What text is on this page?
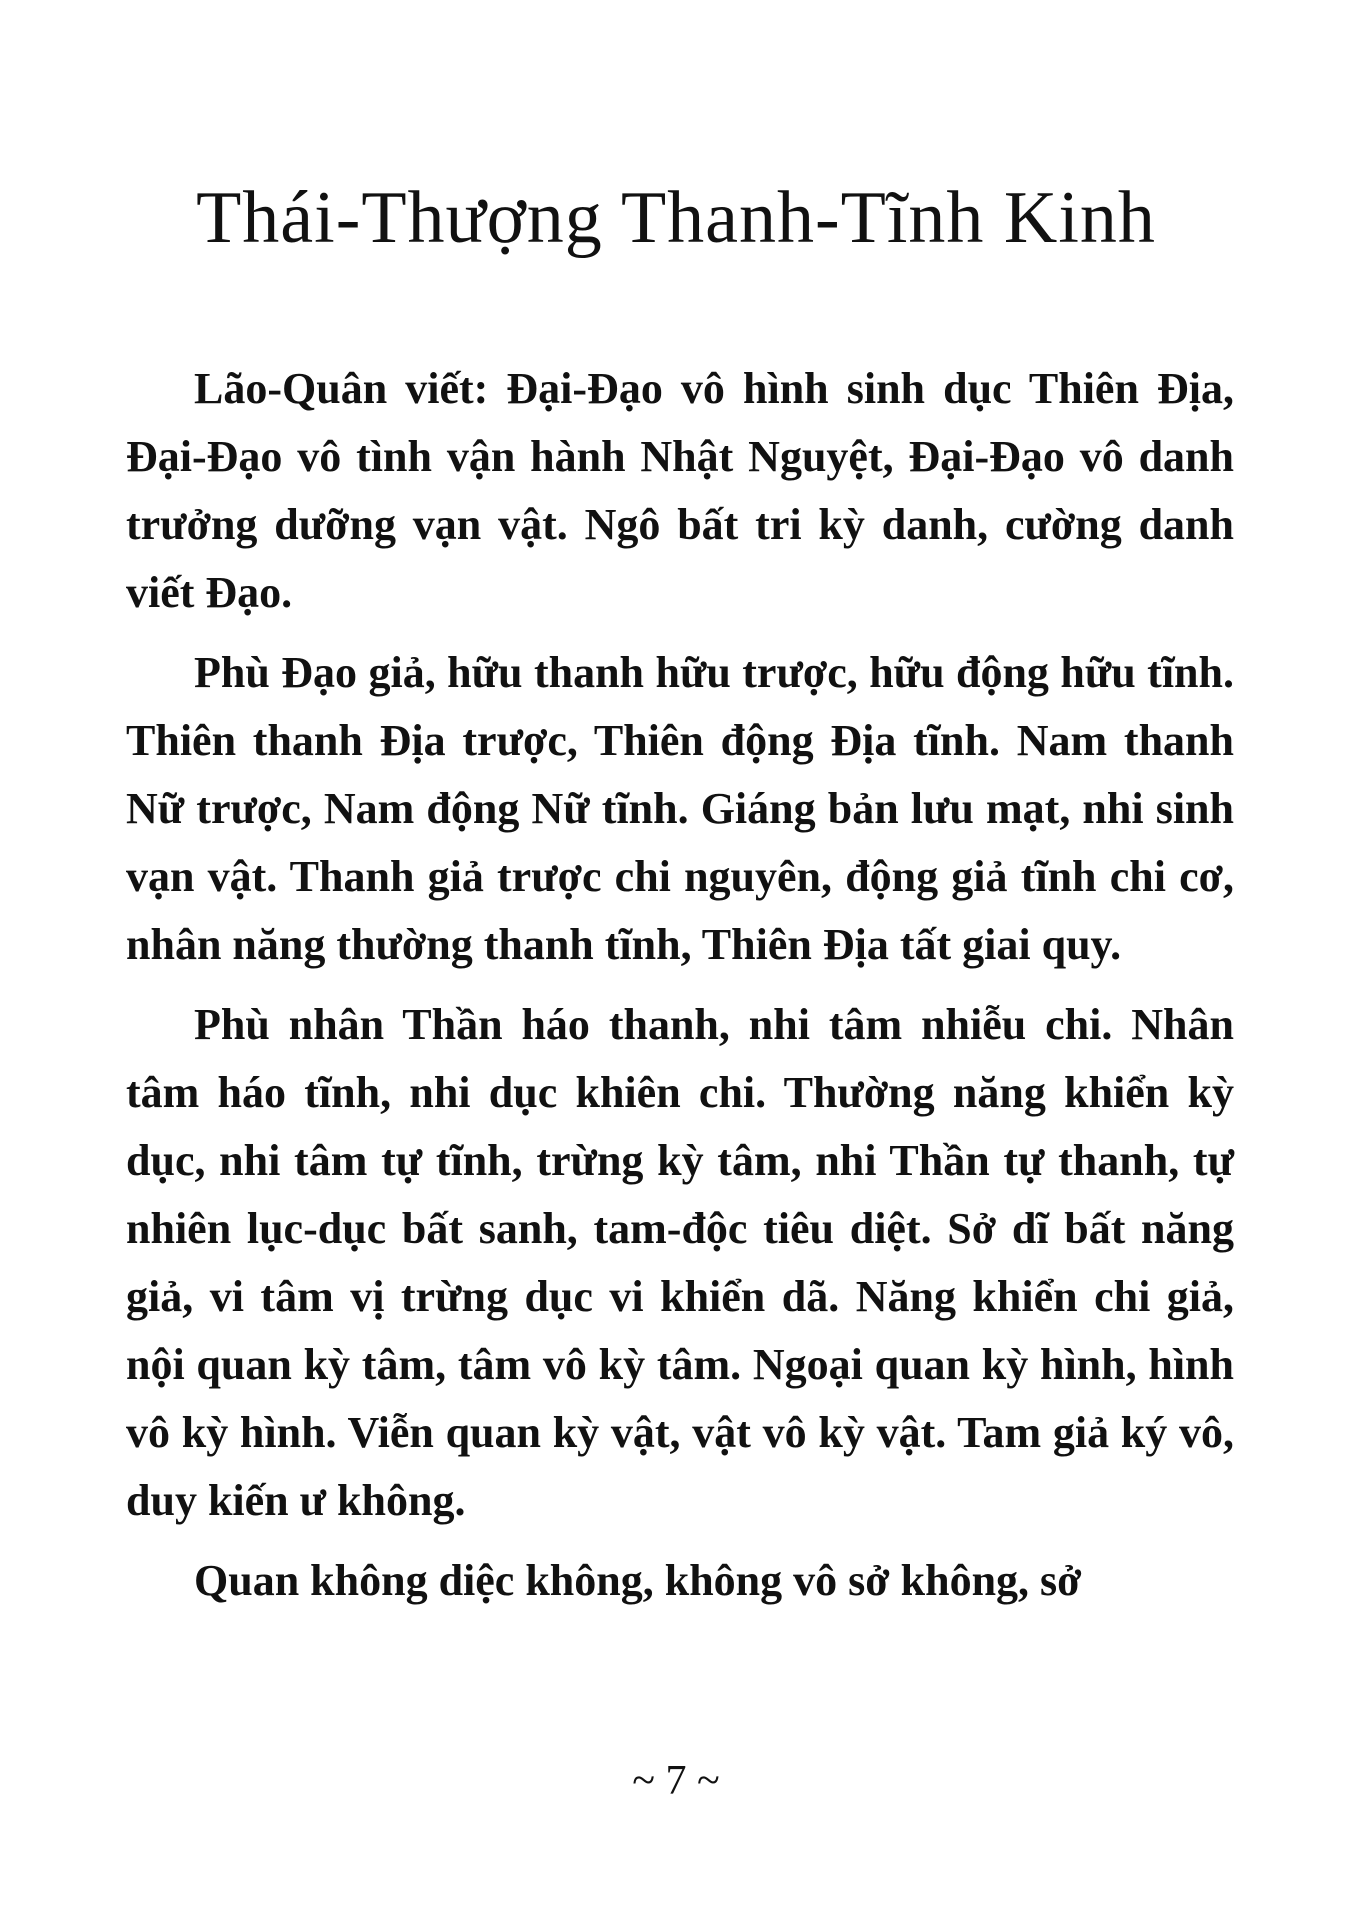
Thái-Thượng Thanh-Tĩnh Kinh

Lão-Quân viết: Đại-Đạo vô hình sinh dục Thiên Địa, Đại-Đạo vô tình vận hành Nhật Nguyệt, Đại-Đạo vô danh trưởng dưỡng vạn vật. Ngô bất tri kỳ danh, cường danh viết Đạo.

Phù Đạo giả, hữu thanh hữu trược, hữu động hữu tĩnh. Thiên thanh Địa trược, Thiên động Địa tĩnh. Nam thanh Nữ trược, Nam động Nữ tĩnh. Giáng bản lưu mạt, nhi sinh vạn vật. Thanh giả trược chi nguyên, động giả tĩnh chi cơ, nhân năng thường thanh tĩnh, Thiên Địa tất giai quy.

Phù nhân Thần háo thanh, nhi tâm nhiễu chi. Nhân tâm háo tĩnh, nhi dục khiên chi. Thường năng khiển kỳ dục, nhi tâm tự tĩnh, trừng kỳ tâm, nhi Thần tự thanh, tự nhiên lục-dục bất sanh, tam-độc tiêu diệt. Sở dĩ bất năng giả, vi tâm vị trừng dục vi khiển dã. Năng khiển chi giả, nội quan kỳ tâm, tâm vô kỳ tâm. Ngoại quan kỳ hình, hình vô kỳ hình. Viễn quan kỳ vật, vật vô kỳ vật. Tam giả ký vô, duy kiến ư không.

Quan không diệc không, không vô sở không, sở

~ 7 ~
